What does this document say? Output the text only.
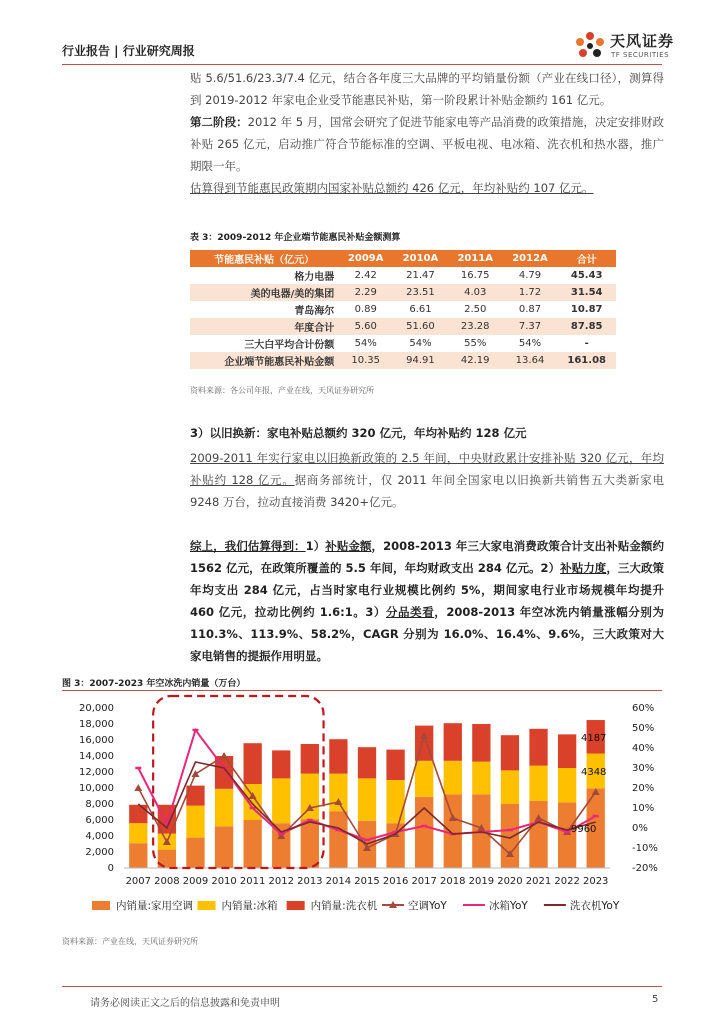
行业报告 | 行业研究周报
天风证券
TF SECURITIES
贴 5.6/51.6/23.3/7.4 亿元，结合各年度三大品牌的平均销量份额（产业在线口径），测算得到 2019-2012 年家电企业受节能惠民补贴，第一阶段累计补贴金额约 161 亿元。
第二阶段：2012 年 5 月，国常会研究了促进节能家电等产品消费的政策措施，决定安排财政补贴 265 亿元，启动推广符合节能标准的空调、平板电视、电冰箱、洗衣机和热水器，推广期限一年。
估算得到节能惠民政策期内国家补贴总额约 426 亿元，年均补贴约 107 亿元。
表 3：2009-2012 年企业端节能惠民补贴金额测算
节能惠民补贴（亿元）	2009A	2010A	2011A	2012A	合计
格力电器	2.42	21.47	16.75	4.79	45.43
美的电器/美的集团	2.29	23.51	4.03	1.72	31.54
青岛海尔	0.89	6.61	2.50	0.87	10.87
年度合计	5.60	51.60	23.28	7.37	87.85
三大白平均合计份额	54%	54%	55%	54%	-
企业端节能惠民补贴金额	10.35	94.91	42.19	13.64	161.08
资料来源：各公司年报，产业在线，天风证券研究所
3）以旧换新：家电补贴总额约 320 亿元，年均补贴约 128 亿元
2009-2011 年实行家电以旧换新政策的 2.5 年间，中央财政累计安排补贴 320 亿元，年均补贴约 128 亿元。据商务部统计，仅 2011 年间全国家电以旧换新共销售五大类新家电 9248 万台，拉动直接消费 3420+亿元。
综上，我们估算得到：1）补贴金额，2008-2013 年三大家电消费政策合计支出补贴金额约 1562 亿元，在政策所覆盖的 5.5 年间，年均财政支出 284 亿元。2）补贴力度，三大政策年均支出 284 亿元，占当时家电行业规模比例约 5%，期间家电行业市场规模年均提升 460 亿元，拉动比例约 1.6:1。3）分品类看，2008-2013 年空冰洗内销量涨幅分别为 110.3%、113.9%、58.2%，CAGR 分别为 16.0%、16.4%、9.6%，三大政策对大家电销售的提振作用明显。
图 3：2007-2023 年空冰洗内销量（万台）
0
2,000
4,000
6,000
8,000
10,000
12,000
14,000
16,000
18,000
20,000
-20%
-10%
0%
10%
20%
30%
40%
50%
60%
2007 2008 2009 2010 2011 2012 2013 2014 2015 2016 2017 2018 2019 2020 2021 2022 2023
4187
4348
9960
内销量:家用空调	内销量:冰箱	内销量:洗衣机	空调YoY	冰箱YoY	洗衣机YoY
资料来源：产业在线，天风证券研究所
请务必阅读正文之后的信息披露和免责申明	5
